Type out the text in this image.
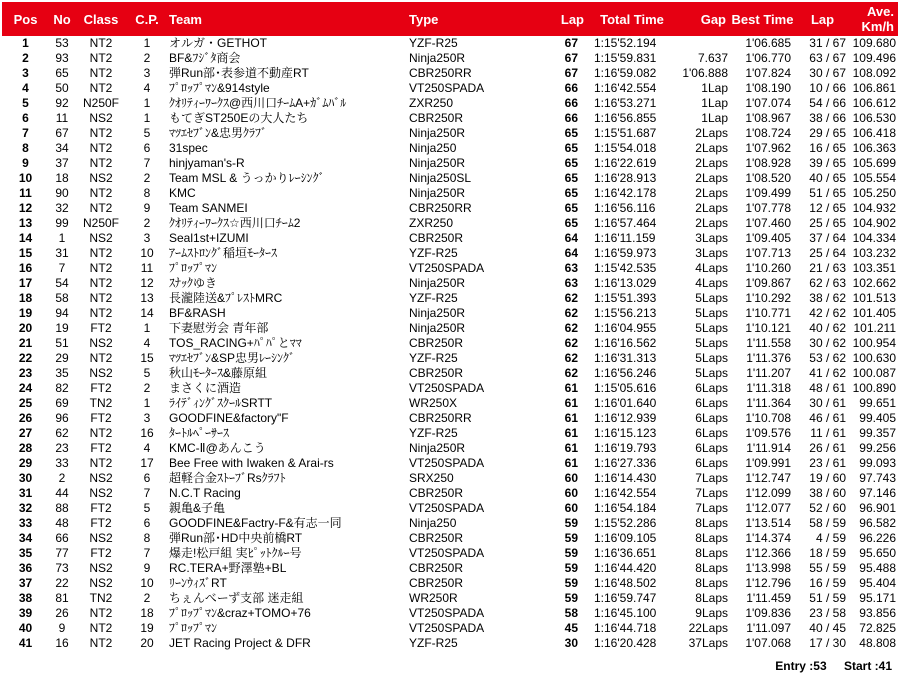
Pos	No	Class	C.P.	Team	Type	Lap	Total Time	Gap	Best Time	Lap	Ave.
Km/h
1	53	NT2	1	オルガ・GETHOT	YZF-R25	67	1:15'52.194		1'06.685	31 / 67	109.680
2	93	NT2	2	BF&ﾌｼﾞﾀ商会	Ninja250R	67	1:15'59.831	7.637	1'06.770	63 / 67	109.496
3	65	NT2	3	弾Run部･表参道不動産RT	CBR250RR	67	1:16'59.082	1'06.888	1'07.824	30 / 67	108.092
4	50	NT2	4	ﾌﾟﾛｯﾌﾟﾏﾝ&914style	VT250SPADA	66	1:16'42.554	1Lap	1'08.190	10 / 66	106.861
5	92	N250F	1	ｸｵﾘﾃｨｰﾜｰｸｽ@西川口ﾁｰﾑA+ｶﾞﾑﾊﾞﾙ	ZXR250	66	1:16'53.271	1Lap	1'07.074	54 / 66	106.612
6	11	NS2	1	もてぎST250Eの大人たち	CBR250R	66	1:16'56.855	1Lap	1'08.967	38 / 66	106.530
7	67	NT2	5	ﾏﾂｴｾﾌﾞﾝ&忠男ｸﾗﾌﾞ	Ninja250R	65	1:15'51.687	2Laps	1'08.724	29 / 65	106.418
8	34	NT2	6	31spec	Ninja250	65	1:15'54.018	2Laps	1'07.962	16 / 65	106.363
9	37	NT2	7	hinjyaman's-R	Ninja250R	65	1:16'22.619	2Laps	1'08.928	39 / 65	105.699
10	18	NS2	2	Team MSL & うっかりﾚｰｼﾝｸﾞ	Ninja250SL	65	1:16'28.913	2Laps	1'08.520	40 / 65	105.554
11	90	NT2	8	KMC	Ninja250R	65	1:16'42.178	2Laps	1'09.499	51 / 65	105.250
12	32	NT2	9	Team SANMEI	CBR250RR	65	1:16'56.116	2Laps	1'07.778	12 / 65	104.932
13	99	N250F	2	ｸｵﾘﾃｨｰﾜｰｸｽ☆西川口ﾁｰﾑ2	ZXR250	65	1:16'57.464	2Laps	1'07.460	25 / 65	104.902
14	1	NS2	3	Seal1st+IZUMI	CBR250R	64	1:16'11.159	3Laps	1'09.405	37 / 64	104.334
15	31	NT2	10	ｱｰﾑｽﾄﾛﾝｸﾞ稲垣ﾓｰﾀｰｽ	YZF-R25	64	1:16'59.973	3Laps	1'07.713	25 / 64	103.232
16	7	NT2	11	ﾌﾟﾛｯﾌﾟﾏﾝ	VT250SPADA	63	1:15'42.535	4Laps	1'10.260	21 / 63	103.351
17	54	NT2	12	ｽﾅｯｸゆき	Ninja250R	63	1:16'13.029	4Laps	1'09.867	62 / 63	102.662
18	58	NT2	13	長瀧陸送&ﾌﾟﾚｽﾄMRC	YZF-R25	62	1:15'51.393	5Laps	1'10.292	38 / 62	101.513
19	94	NT2	14	BF&RASH	Ninja250R	62	1:15'56.213	5Laps	1'10.771	42 / 62	101.405
20	19	FT2	1	下妻慰労会 青年部	Ninja250R	62	1:16'04.955	5Laps	1'10.121	40 / 62	101.211
21	51	NS2	4	TOS_RACING+ﾊﾟﾊﾟとﾏﾏ	CBR250R	62	1:16'16.562	5Laps	1'11.558	30 / 62	100.954
22	29	NT2	15	ﾏﾂｴｾﾌﾞﾝ&SP忠男ﾚｰｼﾝｸﾞ	YZF-R25	62	1:16'31.313	5Laps	1'11.376	53 / 62	100.630
23	35	NS2	5	秋山ﾓｰﾀｰｽ&藤原組	CBR250R	62	1:16'56.246	5Laps	1'11.207	41 / 62	100.087
24	82	FT2	2	まさくに酒造	VT250SPADA	61	1:15'05.616	6Laps	1'11.318	48 / 61	100.890
25	69	TN2	1	ﾗｲﾃﾞｨﾝｸﾞｽｸｰﾙSRTT	WR250X	61	1:16'01.640	6Laps	1'11.364	30 / 61	99.651
26	96	FT2	3	GOODFINE&factory"F	CBR250RR	61	1:16'12.939	6Laps	1'10.708	46 / 61	99.405
27	62	NT2	16	ﾀｰﾄﾙﾍﾟｰｻｰｽ	YZF-R25	61	1:16'15.123	6Laps	1'09.576	11 / 61	99.357
28	23	FT2	4	KMC-Ⅱ@あんこう	Ninja250R	61	1:16'19.793	6Laps	1'11.914	26 / 61	99.256
29	33	NT2	17	Bee Free with Iwaken & Arai-rs	VT250SPADA	61	1:16'27.336	6Laps	1'09.991	23 / 61	99.093
30	2	NS2	6	超軽合金ｽﾄｰﾌﾞRsｸﾗﾌﾄ	SRX250	60	1:16'14.430	7Laps	1'12.747	19 / 60	97.743
31	44	NS2	7	N.C.T Racing	CBR250R	60	1:16'42.554	7Laps	1'12.099	38 / 60	97.146
32	88	FT2	5	親亀&子亀	VT250SPADA	60	1:16'54.184	7Laps	1'12.077	52 / 60	96.901
33	48	FT2	6	GOODFINE&Factry-F&有志一同	Ninja250	59	1:15'52.286	8Laps	1'13.514	58 / 59	96.582
34	66	NS2	8	弾Run部･HD中央前橋RT	CBR250R	59	1:16'09.105	8Laps	1'14.374	4 / 59	96.226
35	77	FT2	7	爆走!松戸組 実ﾋﾟｯﾄｸﾙｰ号	VT250SPADA	59	1:16'36.651	8Laps	1'12.366	18 / 59	95.650
36	73	NS2	9	RC.TERA+野澤塾+BL	CBR250R	59	1:16'44.420	8Laps	1'13.998	55 / 59	95.488
37	22	NS2	10	ﾘｰﾝｳｨｽﾞRT	CBR250R	59	1:16'48.502	8Laps	1'12.796	16 / 59	95.404
38	81	TN2	2	ちぇんべーず支部 迷走組	WR250R	59	1:16'59.747	8Laps	1'11.459	51 / 59	95.171
39	26	NT2	18	ﾌﾟﾛｯﾌﾟﾏﾝ&craz+TOMO+76	VT250SPADA	58	1:16'45.100	9Laps	1'09.836	23 / 58	93.856
40	9	NT2	19	ﾌﾟﾛｯﾌﾟﾏﾝ	VT250SPADA	45	1:16'44.718	22Laps	1'11.097	40 / 45	72.825
41	16	NT2	20	JET Racing Project & DFR	YZF-R25	30	1:16'20.428	37Laps	1'07.068	17 / 30	48.808
Entry :53 Start :41
